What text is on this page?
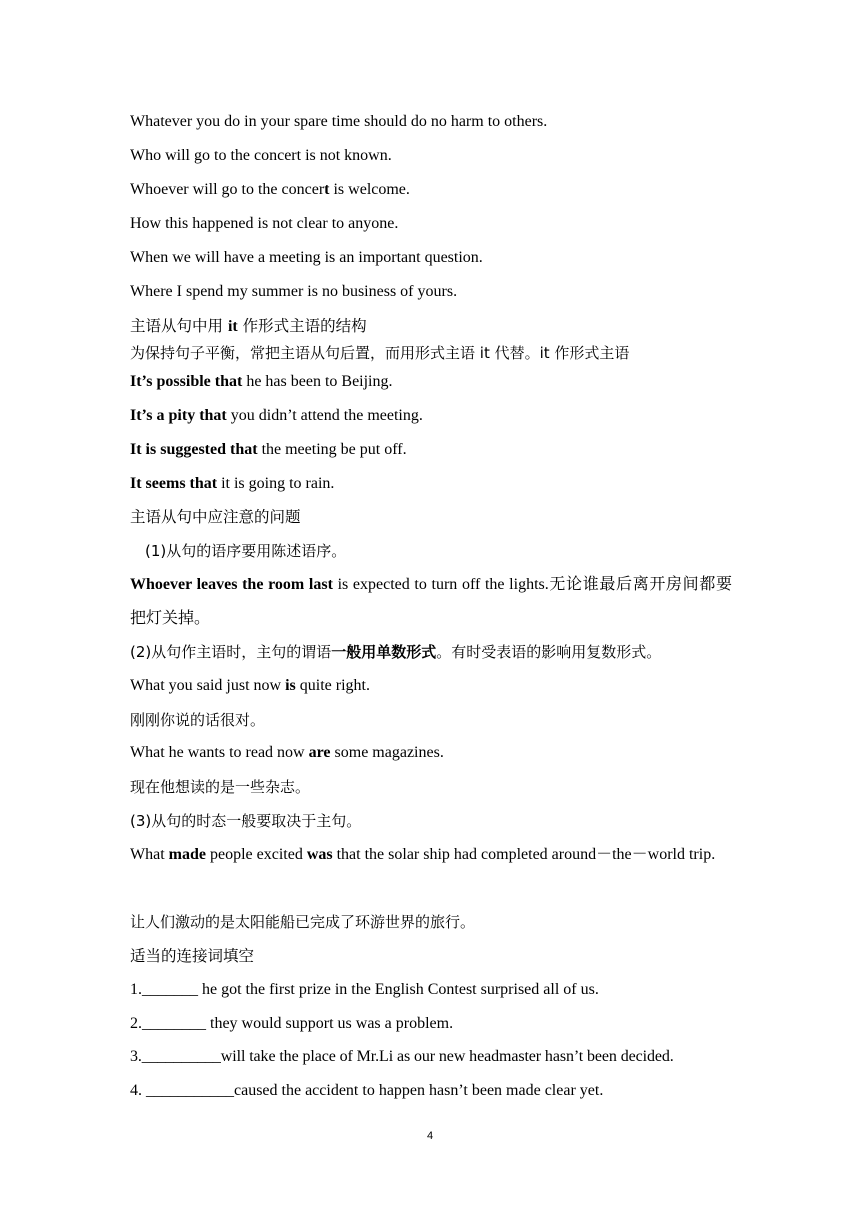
Whatever you do in your spare time should do no harm to others.
Who will go to the concert is not known.
Whoever will go to the concert is welcome.
How this happened is not clear to anyone.
When we will have a meeting is an important question.
Where I spend my summer is no business of yours.
主语从句中用 it 作形式主语的结构
为保持句子平衡，常把主语从句后置，而用形式主语 it 代替。it 作形式主语
It’s possible that he has been to Beijing.
It’s a pity that you didn’t attend the meeting.
It is suggested that the meeting be put off.
It seems that it is going to rain.
主语从句中应注意的问题
(1)从句的语序要用陈述语序。
Whoever leaves the room last is expected to turn off the lights.无论谁最后离开房间都要把灯关掉。
(2)从句作主语时，主句的谓语一般用单数形式。有时受表语的影响用复数形式。
What you said just now is quite right.
刚刚你说的话很对。
What he wants to read now are some magazines.
现在他想读的是一些杂志。
(3)从句的时态一般要取决于主句。
What made people excited was that the solar ship had completed around－the－world trip.
让人们激动的是太阳能船已完成了环游世界的旅行。
适当的连接词填空
1._______ he got the first prize in the English Contest surprised all of us.
2.________ they would support us was a problem.
3.__________will take the place of Mr.Li as our new headmaster hasn’t been decided.
4. ___________caused the accident to happen hasn’t been made clear yet.
4
